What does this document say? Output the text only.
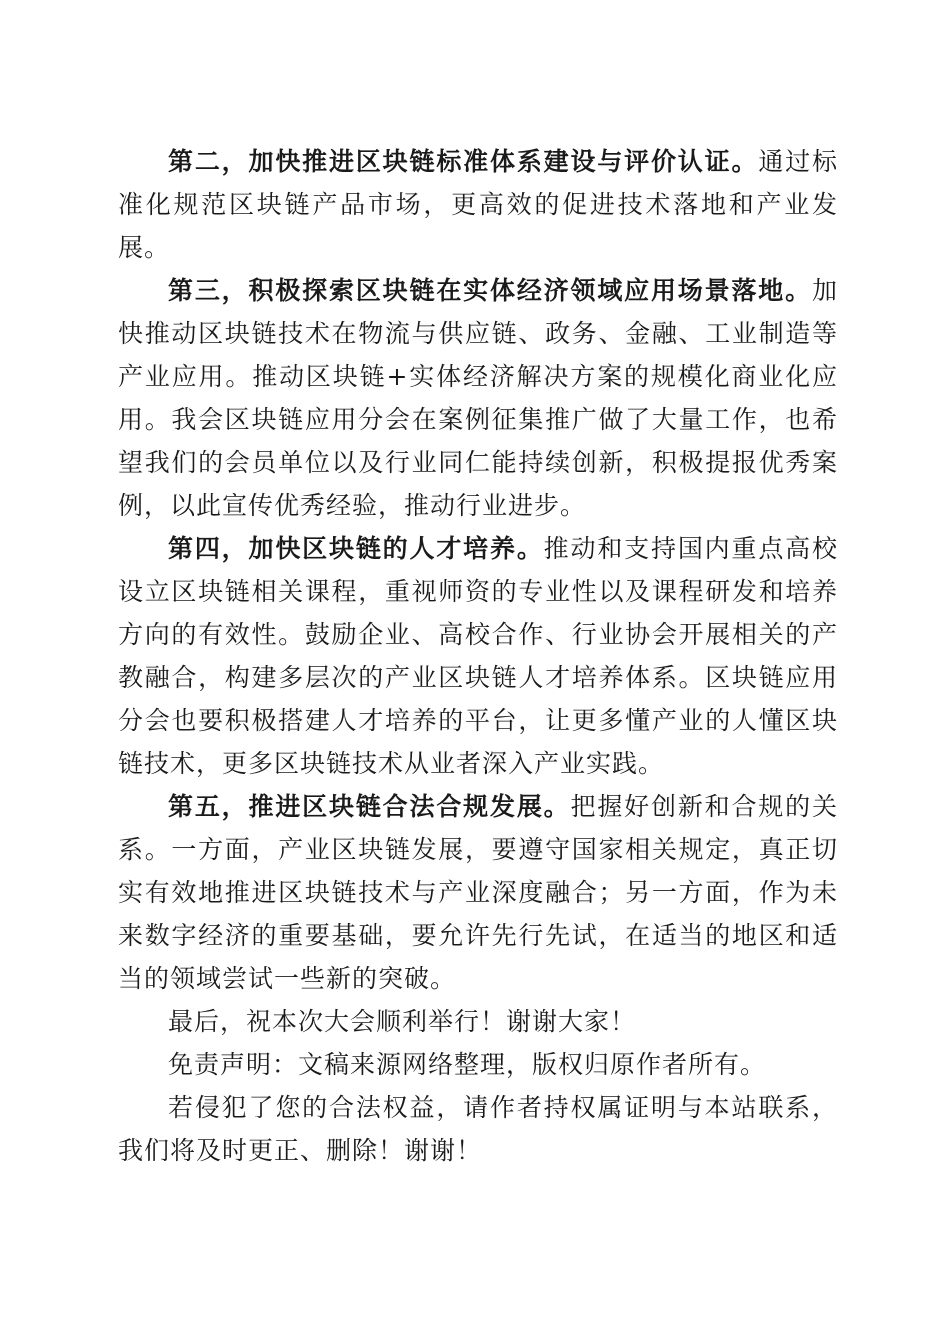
第二，加快推进区块链标准体系建设与评价认证。通过标准化规范区块链产品市场，更高效的促进技术落地和产业发展。

第三，积极探索区块链在实体经济领域应用场景落地。加快推动区块链技术在物流与供应链、政务、金融、工业制造等产业应用。推动区块链+实体经济解决方案的规模化商业化应用。我会区块链应用分会在案例征集推广做了大量工作，也希望我们的会员单位以及行业同仁能持续创新，积极提报优秀案例，以此宣传优秀经验，推动行业进步。

第四，加快区块链的人才培养。推动和支持国内重点高校设立区块链相关课程，重视师资的专业性以及课程研发和培养方向的有效性。鼓励企业、高校合作、行业协会开展相关的产教融合，构建多层次的产业区块链人才培养体系。区块链应用分会也要积极搭建人才培养的平台，让更多懂产业的人懂区块链技术，更多区块链技术从业者深入产业实践。

第五，推进区块链合法合规发展。把握好创新和合规的关系。一方面，产业区块链发展，要遵守国家相关规定，真正切实有效地推进区块链技术与产业深度融合；另一方面，作为未来数字经济的重要基础，要允许先行先试，在适当的地区和适当的领域尝试一些新的突破。

最后，祝本次大会顺利举行！谢谢大家！

免责声明：文稿来源网络整理，版权归原作者所有。

若侵犯了您的合法权益，请作者持权属证明与本站联系，我们将及时更正、删除！谢谢！
